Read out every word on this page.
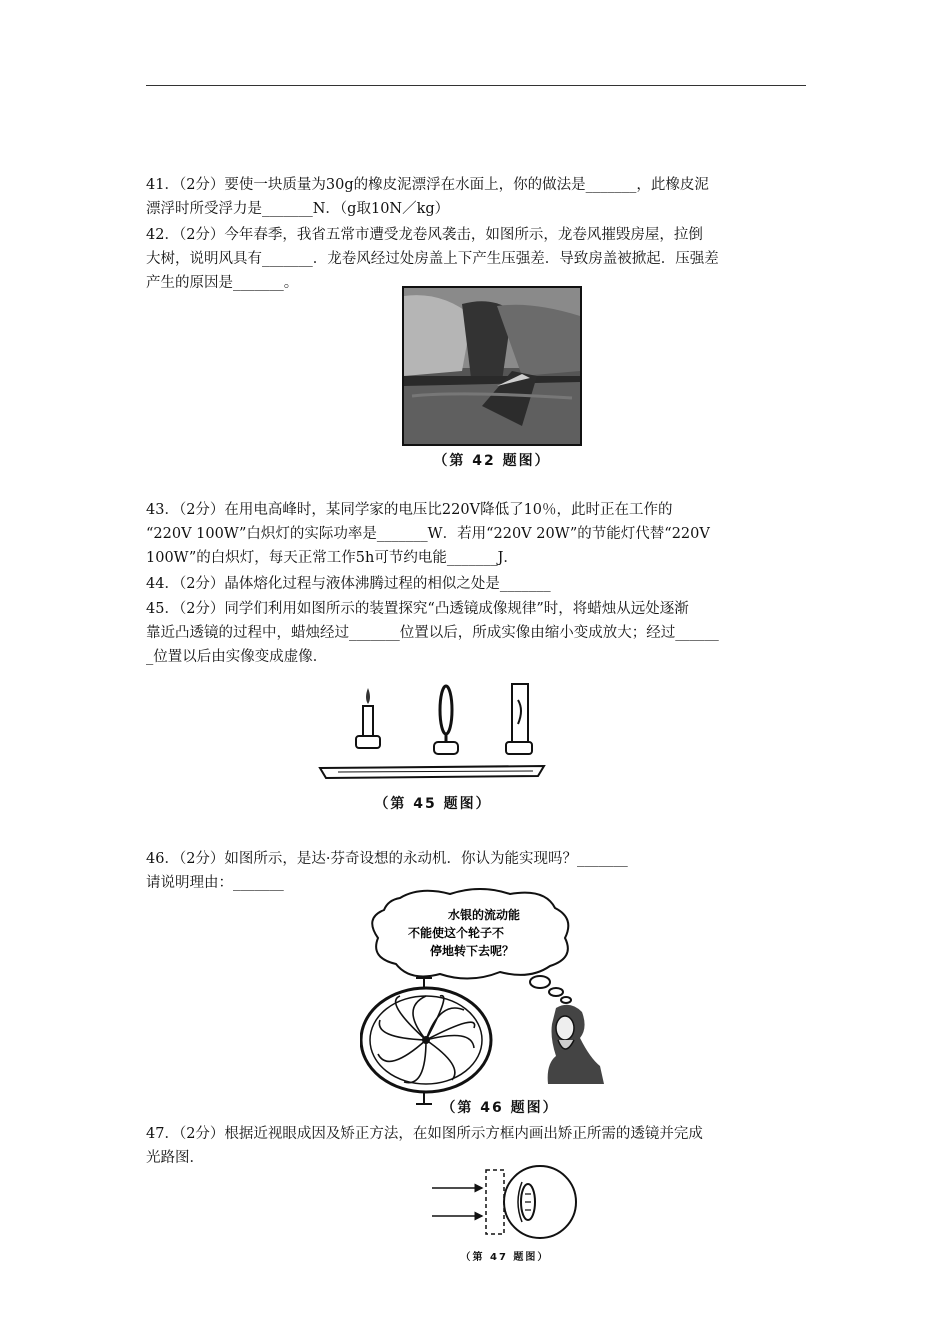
41．（2分）要使一块质量为30g的橡皮泥漂浮在水面上，你的做法是_______，此橡皮泥
漂浮时所受浮力是_______N．（g取10N／kg）

42．（2分）今年春季，我省五常市遭受龙卷风袭击，如图所示，龙卷风摧毁房屋，拉倒
大树，说明风具有_______．龙卷风经过处房盖上下产生压强差．导致房盖被掀起．压强差
产生的原因是_______。

（第 42 题图）

43．（2分）在用电高峰时，某同学家的电压比220V降低了10％，此时正在工作的
“220V 100W”白炽灯的实际功率是_______W．若用“220V 20W”的节能灯代替“220V
100W”的白炽灯，每天正常工作5h可节约电能_______J．

44．（2分）晶体熔化过程与液体沸腾过程的相似之处是_______

45．（2分）同学们利用如图所示的装置探究“凸透镜成像规律”时，将蜡烛从远处逐渐
靠近凸透镜的过程中，蜡烛经过_______位置以后，所成实像由缩小变成放大；经过______
_位置以后由实像变成虚像．

（第 45 题图）

46．（2分）如图所示，是达·芬奇设想的永动机．你认为能实现吗？_______
请说明理由：_______

水银的流动能
不能使这个轮子不
停地转下去呢？
（第 46 题图）

47．（2分）根据近视眼成因及矫正方法，在如图所示方框内画出矫正所需的透镜并完成
光路图．

（第 47 题图）
